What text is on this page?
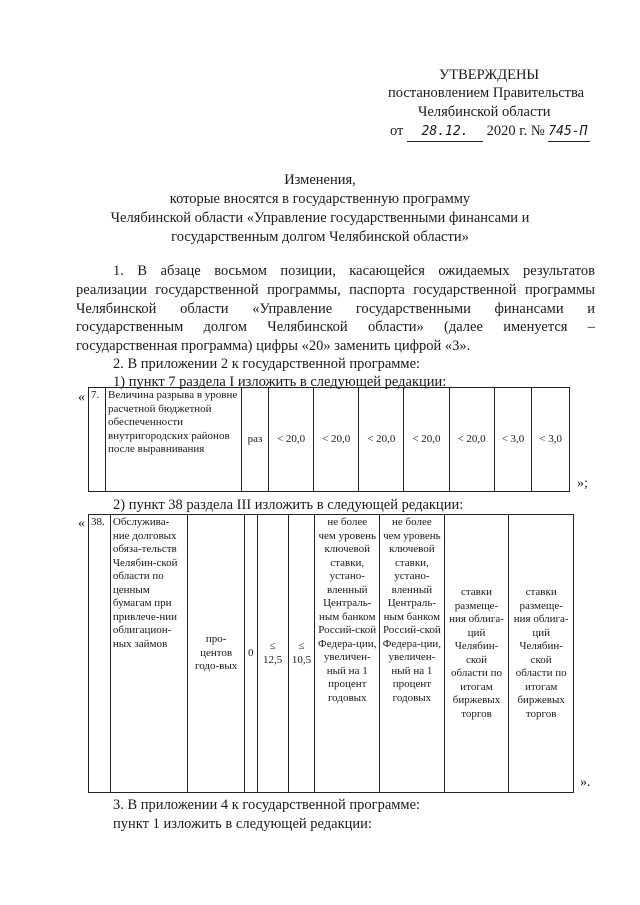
УТВЕРЖДЕНЫ
постановлением Правительства
Челябинской области
от 28.12. 2020 г. № 745-П
Изменения,
которые вносятся в государственную программу
Челябинской области «Управление государственными финансами и
государственным долгом Челябинской области»
1. В абзаце восьмом позиции, касающейся ожидаемых результатов
реализации государственной программы, паспорта государственной программы
Челябинской области «Управление государственными финансами и
государственным долгом Челябинской области» (далее именуется –
государственная программа) цифры «20» заменить цифрой «3».
2. В приложении 2 к государственной программе:
1) пункт 7 раздела I изложить в следующей редакции:
« 7.	Величина разрыва в уровне расчетной бюджетной обеспеченности внутригородских районов после выравнивания	раз	< 20,0	< 20,0	< 20,0	< 20,0	< 20,0	< 3,0	< 3,0
»;
2) пункт 38 раздела III изложить в следующей редакции:
« 38.	Обслужива-ние долговых обяза-тельств Челябин-ской области по ценным бумагам при привлече-нии облигацион-ных займов	про-центов годо-вых	0	≤ 12,5	≤ 10,5	не более чем уровень ключевой ставки, устано-вленный Централь-ным банком Россий-ской Федера-ции, увеличен-ный на 1 процент годовых	не более чем уровень ключевой ставки, устано-вленный Централь-ным банком Россий-ской Федера-ции, увеличен-ный на 1 процент годовых	ставки размеще-ния облига-ций Челябин-ской области по итогам биржевых торгов	ставки размеще-ния облига-ций Челябин-ской области по итогам биржевых торгов
».
3. В приложении 4 к государственной программе:
пункт 1 изложить в следующей редакции:
